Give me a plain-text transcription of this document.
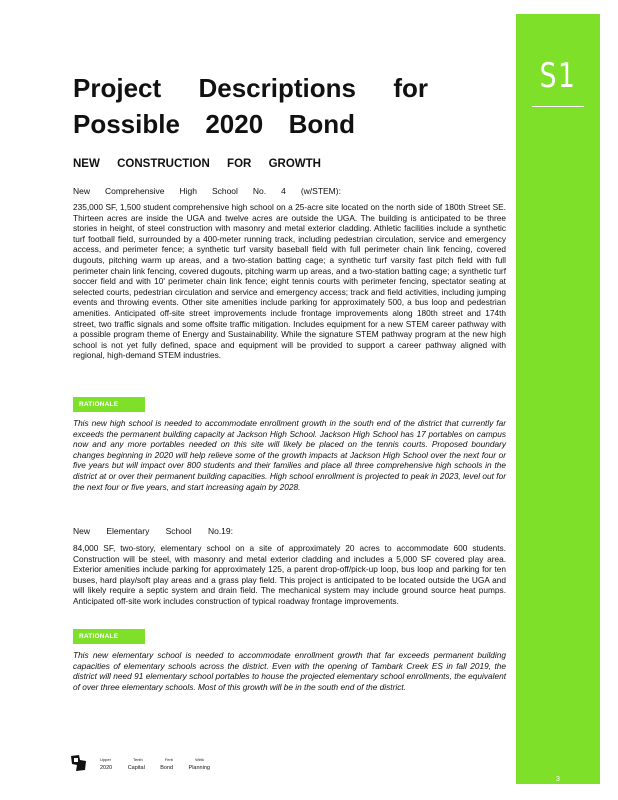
S1
3
Project Descriptions for
Possible 2020 Bond
NEW CONSTRUCTION FOR GROWTH
New Comprehensive High School No. 4 (w/STEM):

235,000 SF, 1,500 student comprehensive high school on a 25-acre site located on the north side of 180th Street SE. Thirteen acres are inside the UGA and twelve acres are outside the UGA. The building is anticipated to be three stories in height, of steel construction with masonry and metal exterior cladding. Athletic facilities include a synthetic turf football field, surrounded by a 400-meter running track, including pedestrian circulation, service and emergency access, and perimeter fence; a synthetic turf varsity baseball field with full perimeter chain link fencing, covered dugouts, pitching warm up areas, and a two-station batting cage; a synthetic turf varsity fast pitch field with full perimeter chain link fencing, covered dugouts, pitching warm up areas, and a two-station batting cage; a synthetic turf soccer field and with 10' perimeter chain link fence; eight tennis courts with perimeter fencing, spectator seating at selected courts, pedestrian circulation and service and emergency access; track and field activities, including jumping events and throwing events. Other site amenities include parking for approximately 500, a bus loop and pedestrian amenities. Anticipated off-site street improvements include frontage improvements along 180th street and 174th street, two traffic signals and some offsite traffic mitigation. Includes equipment for a new STEM career pathway with a possible program theme of Energy and Sustainability. While the signature STEM pathway program at the new high school is not yet fully defined, space and equipment will be provided to support a career pathway aligned with regional, high-demand STEM industries.

RATIONALE

This new high school is needed to accommodate enrollment growth in the south end of the district that currently far exceeds the permanent building capacity at Jackson High School. Jackson High School has 17 portables on campus now and any more portables needed on this site will likely be placed on the tennis courts. Proposed boundary changes beginning in 2020 will help relieve some of the growth impacts at Jackson High School over the next four or five years but will impact over 800 students and their families and place all three comprehensive high schools in the district at or over their permanent building capacities. High school enrollment is projected to peak in 2023, level out for the next four or five years, and start increasing again by 2028.

New Elementary School No.19:

84,000 SF, two-story, elementary school on a site of approximately 20 acres to accommodate 600 students. Construction will be steel, with masonry and metal exterior cladding and includes a 5,000 SF covered play area. Exterior amenities include parking for approximately 125, a parent drop-off/pick-up loop, bus loop and parking for ten buses, hard play/soft play areas and a grass play field. This project is anticipated to be located outside the UGA and will likely require a septic system and drain field. The mechanical system may include ground source heat pumps. Anticipated off-site work includes construction of typical roadway frontage improvements.

RATIONALE

This new elementary school is needed to accommodate enrollment growth that far exceeds permanent building capacities of elementary schools across the district. Even with the opening of Tambark Creek ES in fall 2019, the district will need 91 elementary school portables to house the projected elementary school enrollments, the equivalent of over three elementary schools. Most of this growth will be in the south end of the district.

Upper	Tenth	Ferb	Welk
2020	Capital	Bond	Planning
